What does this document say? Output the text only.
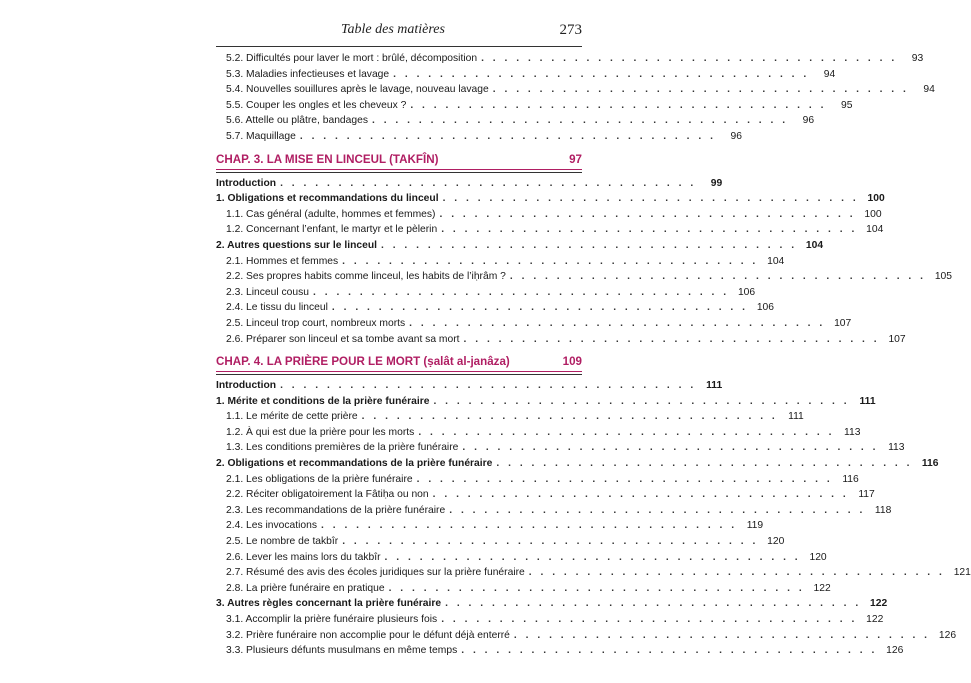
Table des matières	273
5.2. Difficultés pour laver le mort : brûlé, décomposition . . . . . . . . . . . . . . . . . . . . . . . . . . . . . . . . . . . .	93
5.3. Maladies infectieuses et lavage . . . . . . . . . . . . . . . . . . . . . . . . . . . . . . . . . . . .	94
5.4. Nouvelles souillures après le lavage, nouveau lavage . . . . . . . . . . . . . . . . . . . . . . . . . . . . . . . . . . . .	94
5.5. Couper les ongles et les cheveux ? . . . . . . . . . . . . . . . . . . . . . . . . . . . . . . . . . . . .	95
5.6. Attelle ou plâtre, bandages . . . . . . . . . . . . . . . . . . . . . . . . . . . . . . . . . . . .	96
5.7. Maquillage . . . . . . . . . . . . . . . . . . . . . . . . . . . . . . . . . . . .	96
CHAP. 3. LA MISE EN LINCEUL (TAKFÎN)	97
Introduction . . . . . . . . . . . . . . . . . . . . . . . . . . . . . . . . . . . .	99
1. Obligations et recommandations du linceul . . . . . . . . . . . . . . . . . . . . . . . . . . . . . . . . . . . . 100
1.1. Cas général (adulte, hommes et femmes) . . . . . . . . . . . . . . . . . . . . . . . . . . . . . . . . . . . . 100
1.2. Concernant l’enfant, le martyr et le pèlerin . . . . . . . . . . . . . . . . . . . . . . . . . . . . . . . . . . . . 104
2. Autres questions sur le linceul . . . . . . . . . . . . . . . . . . . . . . . . . . . . . . . . . . . . 104
2.1. Hommes et femmes . . . . . . . . . . . . . . . . . . . . . . . . . . . . . . . . . . . . 104
2.2. Ses propres habits comme linceul, les habits de l’iḥrâm ? . . . . . . . . . . . . . . . . . . . . . . . . . . . . . . . . . . . . 105
2.3. Linceul cousu . . . . . . . . . . . . . . . . . . . . . . . . . . . . . . . . . . . . 106
2.4. Le tissu du linceul . . . . . . . . . . . . . . . . . . . . . . . . . . . . . . . . . . . . 106
2.5. Linceul trop court, nombreux morts . . . . . . . . . . . . . . . . . . . . . . . . . . . . . . . . . . . . 107
2.6. Préparer son linceul et sa tombe avant sa mort . . . . . . . . . . . . . . . . . . . . . . . . . . . . . . . . . . . . 107
CHAP. 4. LA PRIÈRE POUR LE MORT (ṣalât al-janâza)	109
Introduction . . . . . . . . . . . . . . . . . . . . . . . . . . . . . . . . . . . . 111
1. Mérite et conditions de la prière funéraire . . . . . . . . . . . . . . . . . . . . . . . . . . . . . . . . . . . . 111
1.1. Le mérite de cette prière . . . . . . . . . . . . . . . . . . . . . . . . . . . . . . . . . . . .	111
1.2. À qui est due la prière pour les morts . . . . . . . . . . . . . . . . . . . . . . . . . . . . . . . . . . . . 113
1.3. Les conditions premières de la prière funéraire . . . . . . . . . . . . . . . . . . . . . . . . . . . . . . . . . . . . 113
2. Obligations et recommandations de la prière funéraire . . . . . . . . . . . . . . . . . . . . . . . . . . . . . . . . . . . . 116
2.1. Les obligations de la prière funéraire . . . . . . . . . . . . . . . . . . . . . . . . . . . . . . . . . . . . 116
2.2. Réciter obligatoirement la Fâtiḥa ou non . . . . . . . . . . . . . . . . . . . . . . . . . . . . . . . . . . . . 117
2.3. Les recommandations de la prière funéraire . . . . . . . . . . . . . . . . . . . . . . . . . . . . . . . . . . . . 118
2.4. Les invocations . . . . . . . . . . . . . . . . . . . . . . . . . . . . . . . . . . . . 119
2.5. Le nombre de takbîr . . . . . . . . . . . . . . . . . . . . . . . . . . . . . . . . . . . . 120
2.6. Lever les mains lors du takbîr . . . . . . . . . . . . . . . . . . . . . . . . . . . . . . . . . . . . 120
2.7. Résumé des avis des écoles juridiques sur la prière funéraire . . . . . . . . . . . . . . . . . . . . . . . . . . . . . . . . . . . . 121
2.8. La prière funéraire en pratique . . . . . . . . . . . . . . . . . . . . . . . . . . . . . . . . . . . . 122
3. Autres règles concernant la prière funéraire . . . . . . . . . . . . . . . . . . . . . . . . . . . . . . . . . . . . 122
3.1. Accomplir la prière funéraire plusieurs fois . . . . . . . . . . . . . . . . . . . . . . . . . . . . . . . . . . . . 122
3.2. Prière funéraire non accomplie pour le défunt déjà enterré . . . . . . . . . . . . . . . . . . . . . . . . . . . . . . . . . . . . 126
3.3. Plusieurs défunts musulmans en même temps . . . . . . . . . . . . . . . . . . . . . . . . . . . . . . . . . . . . 126
